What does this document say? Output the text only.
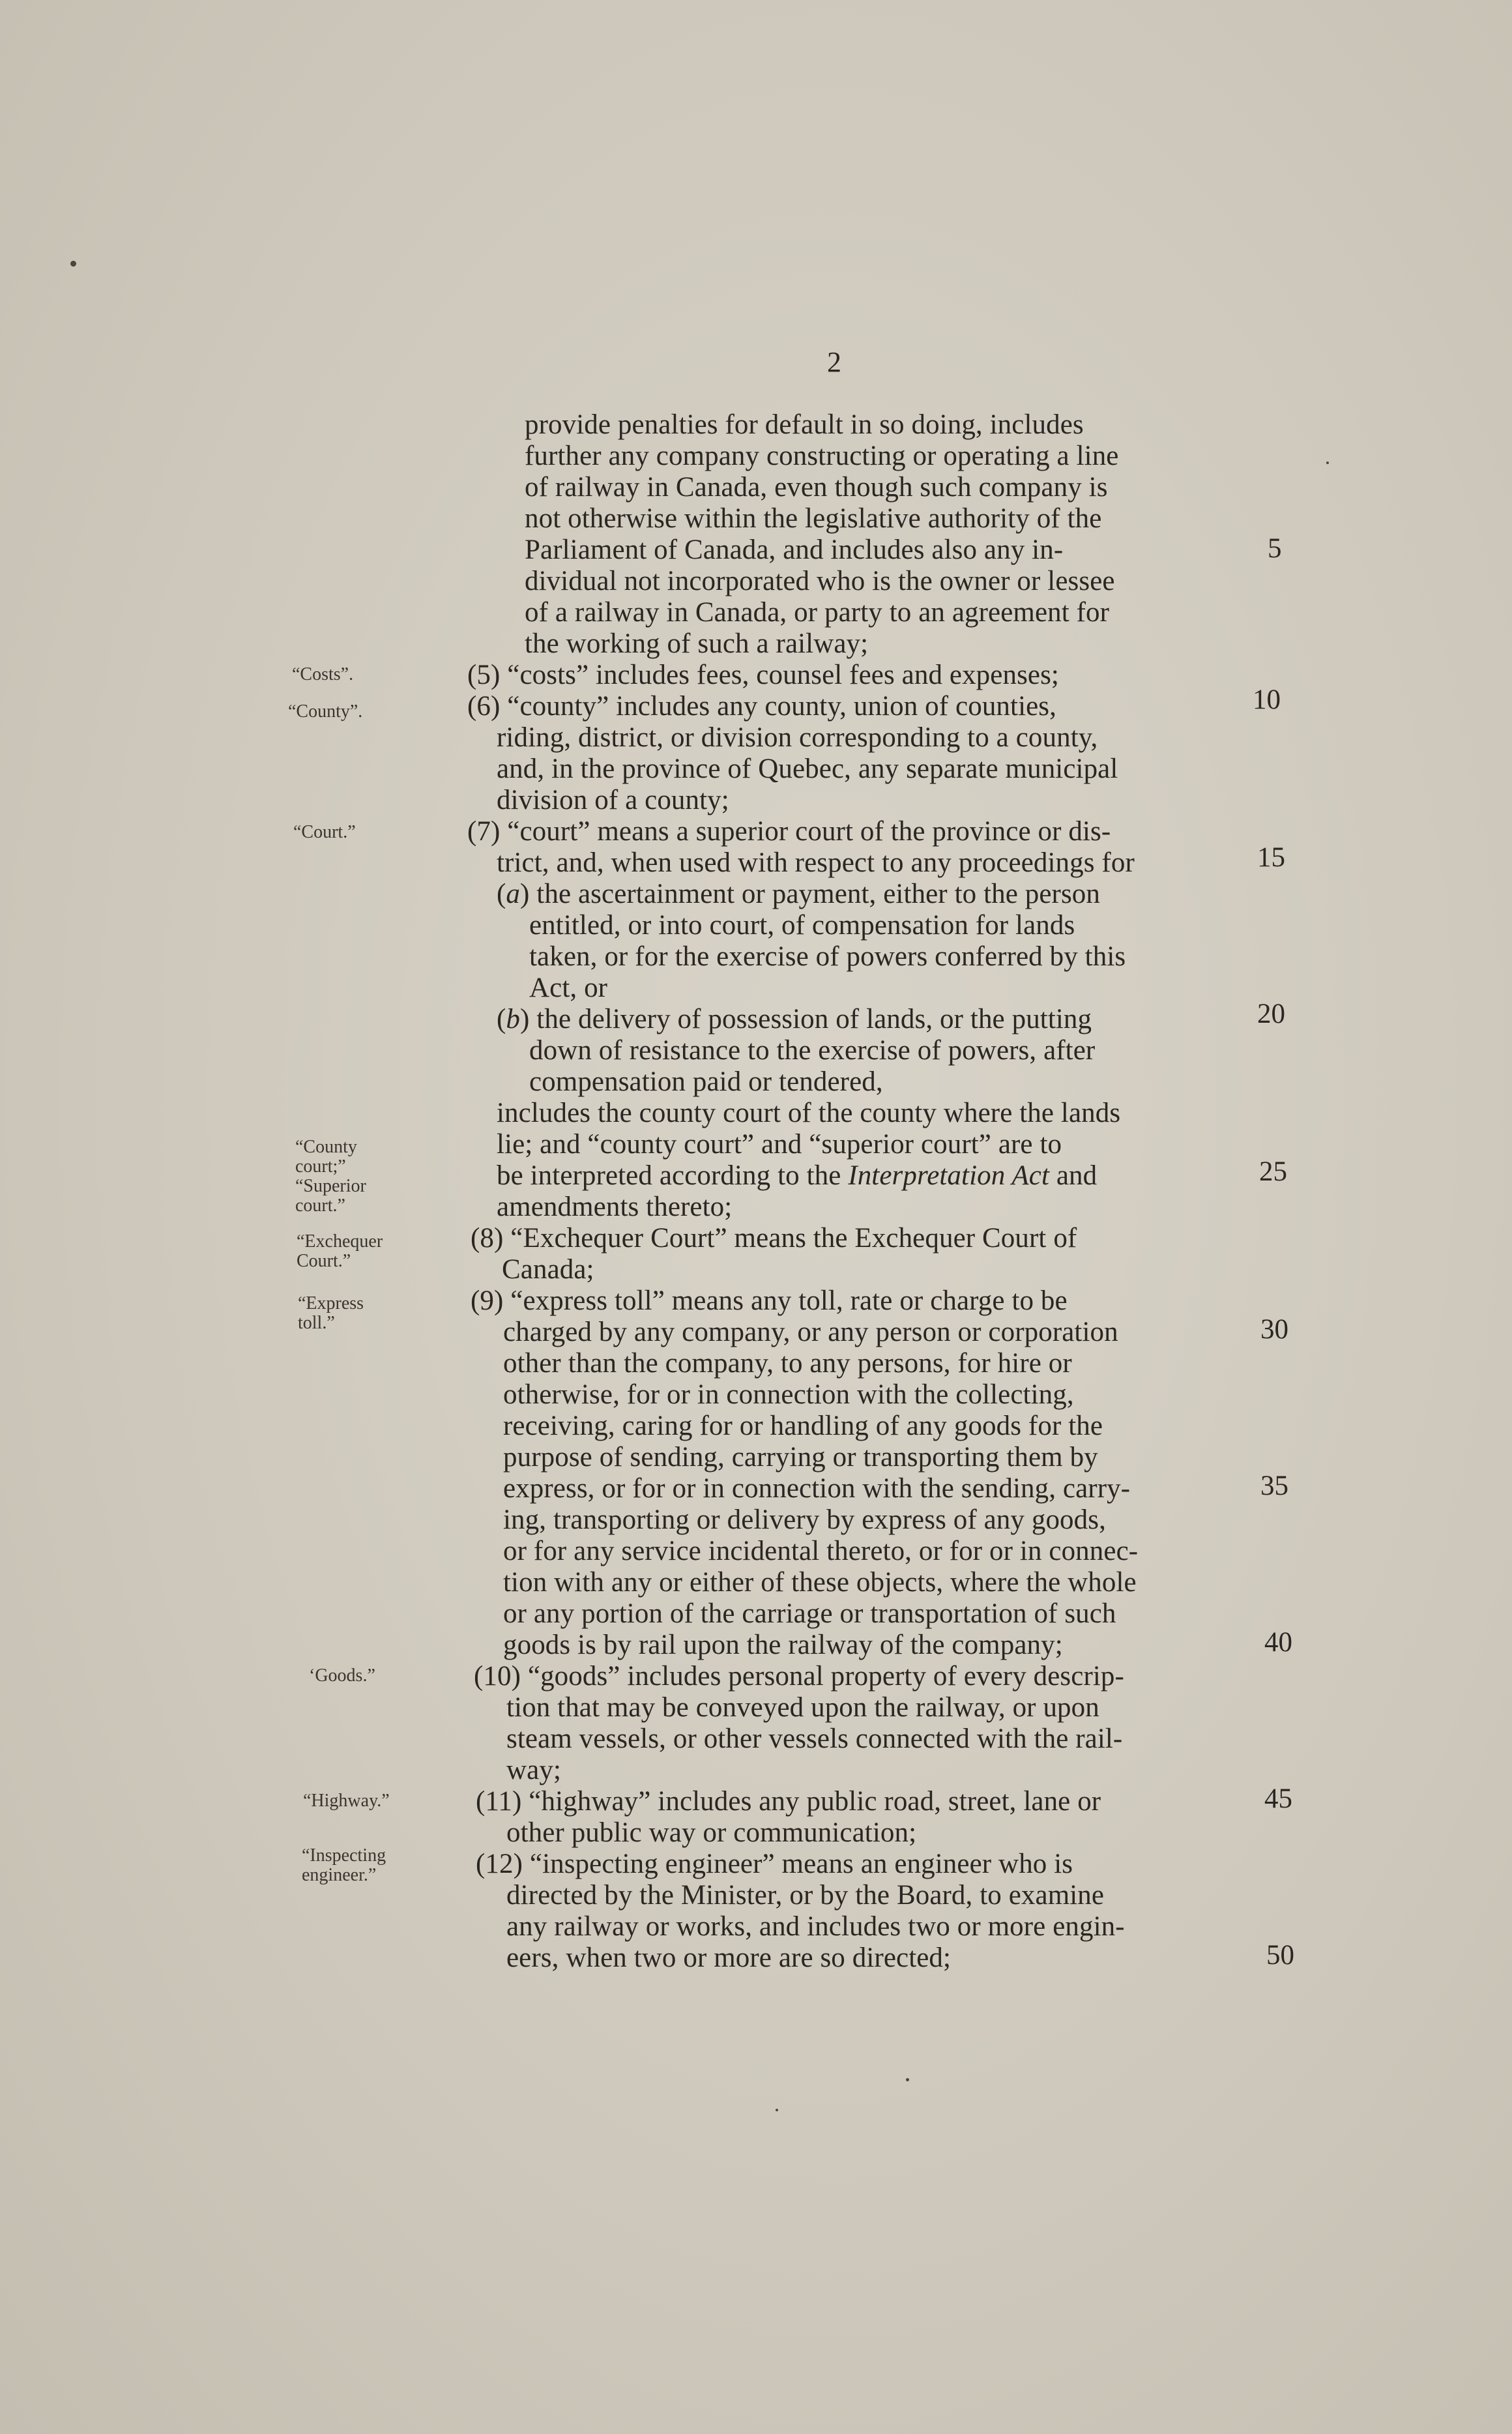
2
provide penalties for default in so doing, includes
further any company constructing or operating a line
of railway in Canada, even though such company is
not otherwise within the legislative authority of the
Parliament of Canada, and includes also any in-
dividual not incorporated who is the owner or lessee
of a railway in Canada, or party to an agreement for
the working of such a railway;
(5) “costs” includes fees, counsel fees and expenses;
(6) “county” includes any county, union of counties,
riding, district, or division corresponding to a county,
and, in the province of Quebec, any separate municipal
division of a county;
(7) “court” means a superior court of the province or dis-
trict, and, when used with respect to any proceedings for
(a) the ascertainment or payment, either to the person
entitled, or into court, of compensation for lands
taken, or for the exercise of powers conferred by this
Act, or
(b) the delivery of possession of lands, or the putting
down of resistance to the exercise of powers, after
compensation paid or tendered,
includes the county court of the county where the lands
lie; and “county court” and “superior court” are to
be interpreted according to the Interpretation Act and
amendments thereto;
(8) “Exchequer Court” means the Exchequer Court of
Canada;
(9) “express toll” means any toll, rate or charge to be
charged by any company, or any person or corporation
other than the company, to any persons, for hire or
otherwise, for or in connection with the collecting,
receiving, caring for or handling of any goods for the
purpose of sending, carrying or transporting them by
express, or for or in connection with the sending, carry-
ing, transporting or delivery by express of any goods,
or for any service incidental thereto, or for or in connec-
tion with any or either of these objects, where the whole
or any portion of the carriage or transportation of such
goods is by rail upon the railway of the company;
(10) “goods” includes personal property of every descrip-
tion that may be conveyed upon the railway, or upon
steam vessels, or other vessels connected with the rail-
way;
(11) “highway” includes any public road, street, lane or
other public way or communication;
(12) “inspecting engineer” means an engineer who is
directed by the Minister, or by the Board, to examine
any railway or works, and includes two or more engin-
eers, when two or more are so directed;
5
10
15
20
25
30
35
40
45
50
“Costs”.
“County”.
“Court.”
“County
court;”
“Superior
court.”
“Exchequer
Court.”
“Express
toll.”
‘Goods.”
“Highway.”
“Inspecting
engineer.”
